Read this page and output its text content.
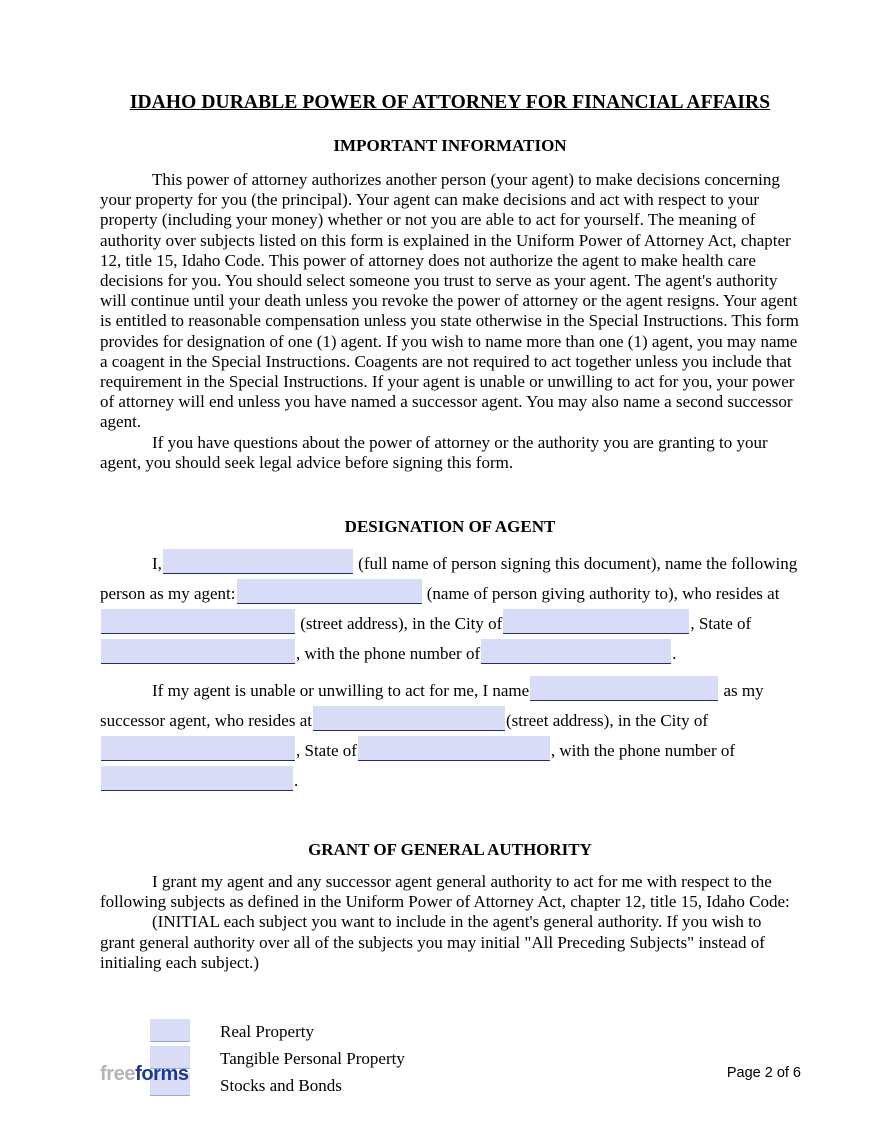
IDAHO DURABLE POWER OF ATTORNEY FOR FINANCIAL AFFAIRS
IMPORTANT INFORMATION

This power of attorney authorizes another person (your agent) to make decisions concerning your property for you (the principal). Your agent can make decisions and act with respect to your property (including your money) whether or not you are able to act for yourself. The meaning of authority over subjects listed on this form is explained in the Uniform Power of Attorney Act, chapter 12, title 15, Idaho Code. This power of attorney does not authorize the agent to make health care decisions for you. You should select someone you trust to serve as your agent. The agent's authority will continue until your death unless you revoke the power of attorney or the agent resigns. Your agent is entitled to reasonable compensation unless you state otherwise in the Special Instructions. This form provides for designation of one (1) agent. If you wish to name more than one (1) agent, you may name a coagent in the Special Instructions. Coagents are not required to act together unless you include that requirement in the Special Instructions. If your agent is unable or unwilling to act for you, your power of attorney will end unless you have named a successor agent. You may also name a second successor agent.

If you have questions about the power of attorney or the authority you are granting to your agent, you should seek legal advice before signing this form.

DESIGNATION OF AGENT
I,	(full name of person signing this document), name the following person as my agent:	(name of person giving authority to), who resides at  (street address), in the City of	, State of , with the phone number of	.
If my agent is unable or unwilling to act for me, I name	as my successor agent, who resides at	(street address), in the City of , State of	, with the phone number of .
GRANT OF GENERAL AUTHORITY

I grant my agent and any successor agent general authority to act for me with respect to the following subjects as defined in the Uniform Power of Attorney Act, chapter 12, title 15, Idaho Code:

(INITIAL each subject you want to include in the agent's general authority. If you wish to grant general authority over all of the subjects you may initial "All Preceding Subjects" instead of initialing each subject.)

Real Property
Tangible Personal Property
Stocks and Bonds
freeforms	Page 2 of 6
